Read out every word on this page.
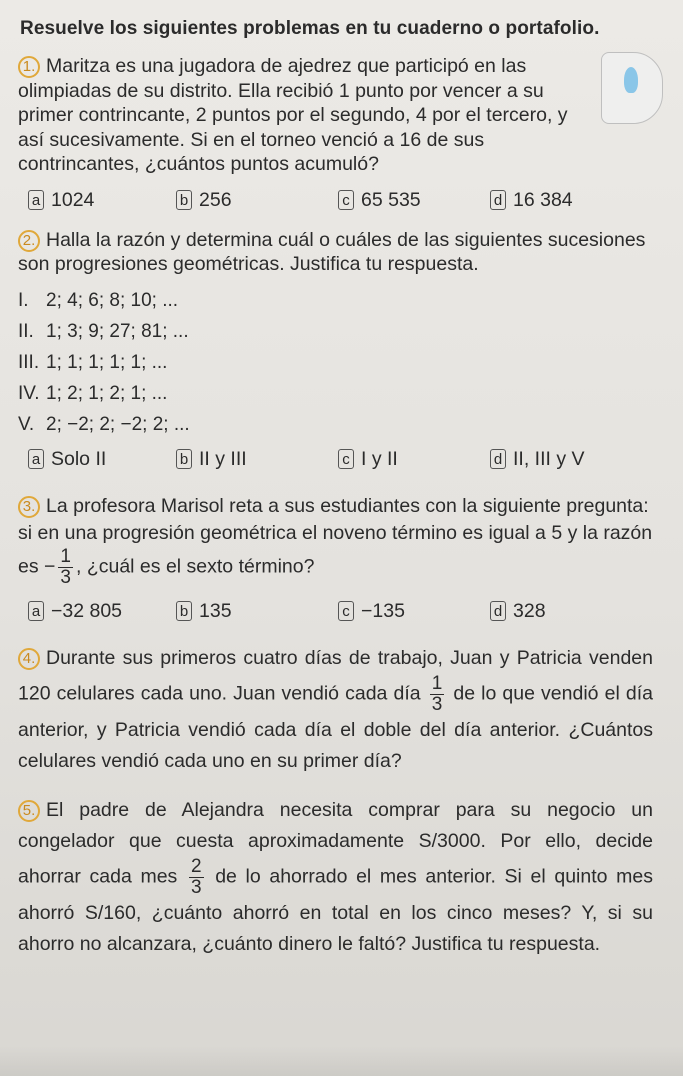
Resuelve los siguientes problemas en tu cuaderno o portafolio.
1. Maritza es una jugadora de ajedrez que participó en las olimpiadas de su distrito. Ella recibió 1 punto por vencer a su primer contrincante, 2 puntos por el segundo, 4 por el tercero, y así sucesivamente. Si en el torneo venció a 16 de sus contrincantes, ¿cuántos puntos acumuló?
a 1024	b 256	c 65 535	d 16 384
2. Halla la razón y determina cuál o cuáles de las siguientes sucesiones son progresiones geométricas. Justifica tu respuesta.
I. 2; 4; 6; 8; 10; ...
II. 1; 3; 9; 27; 81; ...
III. 1; 1; 1; 1; 1; ...
IV. 1; 2; 1; 2; 1; ...
V. 2; −2; 2; −2; 2; ...
a Solo II	b II y III	c I y II	d II, III y V
3. La profesora Marisol reta a sus estudiantes con la siguiente pregunta: si en una progresión geométrica el noveno término es igual a 5 y la razón es − $\frac{1}{3}$ , ¿cuál es el sexto término?
a −32 805	b 135	c −135	d 328
4. Durante sus primeros cuatro días de trabajo, Juan y Patricia venden 120 celulares cada uno. Juan vendió cada día $\frac{1}{3}$ de lo que vendió el día anterior, y Patricia vendió cada día el doble del día anterior. ¿Cuántos celulares vendió cada uno en su primer día?
5. El padre de Alejandra necesita comprar para su negocio un congelador que cuesta aproximadamente S/3000. Por ello, decide ahorrar cada mes $\frac{2}{3}$ de lo ahorrado el mes anterior. Si el quinto mes ahorró S/160, ¿cuánto ahorró en total en los cinco meses? Y, si su ahorro no alcanzara, ¿cuánto dinero le faltó? Justifica tu respuesta.
